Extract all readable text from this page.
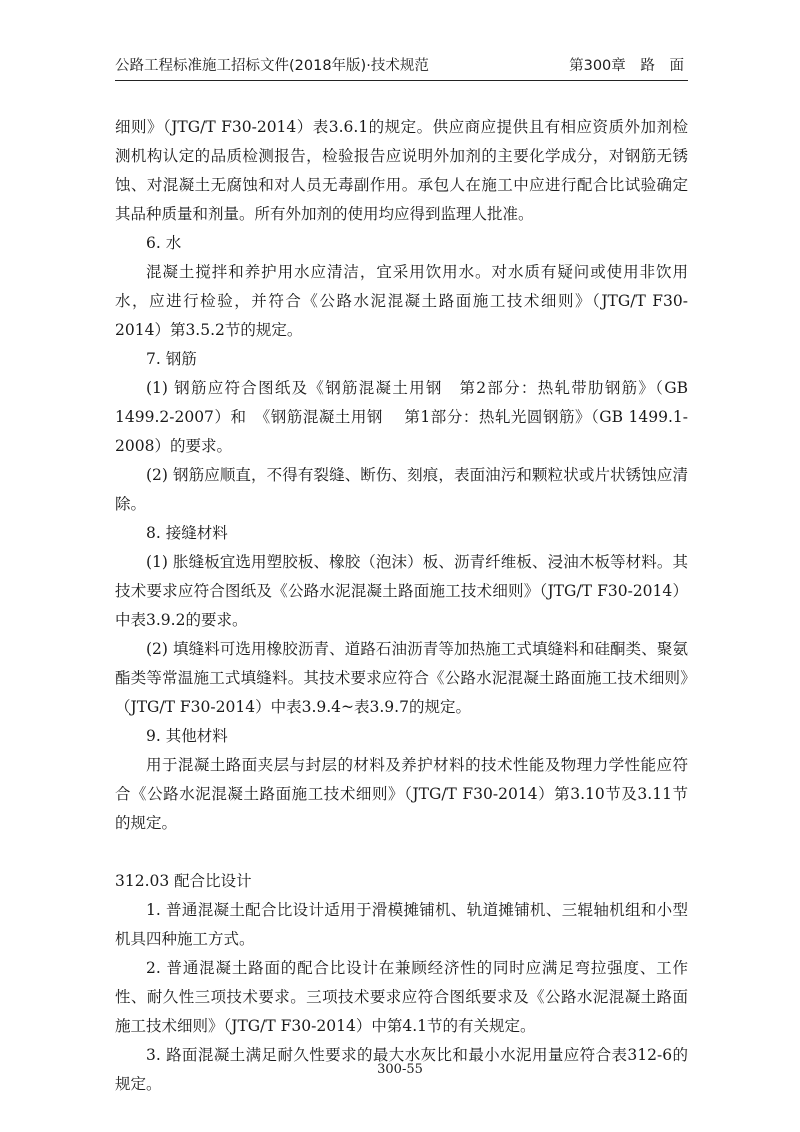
公路工程标准施工招标文件(2018年版)·技术规范	第300章 路 面

细则》（JTG/T F30-2014）表3.6.1的规定。供应商应提供且有相应资质外加剂检测机构认定的品质检测报告，检验报告应说明外加剂的主要化学成分，对钢筋无锈蚀、对混凝土无腐蚀和对人员无毒副作用。承包人在施工中应进行配合比试验确定其品种质量和剂量。所有外加剂的使用均应得到监理人批准。

6. 水

混凝土搅拌和养护用水应清洁，宜采用饮用水。对水质有疑问或使用非饮用水，应进行检验，并符合《公路水泥混凝土路面施工技术细则》（JTG/T F30-2014）第3.5.2节的规定。

7. 钢筋

(1) 钢筋应符合图纸及《钢筋混凝土用钢　第2部分：热轧带肋钢筋》（GB 1499.2-2007）和　《钢筋混凝土用钢　 第1部分：热轧光圆钢筋》（GB 1499.1-2008）的要求。

(2) 钢筋应顺直，不得有裂缝、断伤、刻痕，表面油污和颗粒状或片状锈蚀应清除。

8. 接缝材料

(1) 胀缝板宜选用塑胶板、橡胶（泡沫）板、沥青纤维板、浸油木板等材料。其技术要求应符合图纸及《公路水泥混凝土路面施工技术细则》（JTG/T F30-2014）中表3.9.2的要求。

(2) 填缝料可选用橡胶沥青、道路石油沥青等加热施工式填缝料和硅酮类、聚氨酯类等常温施工式填缝料。其技术要求应符合《公路水泥混凝土路面施工技术细则》（JTG/T F30-2014）中表3.9.4~表3.9.7的规定。

9. 其他材料

用于混凝土路面夹层与封层的材料及养护材料的技术性能及物理力学性能应符合《公路水泥混凝土路面施工技术细则》（JTG/T F30-2014）第3.10节及3.11节的规定。

312.03 配合比设计

1. 普通混凝土配合比设计适用于滑模摊铺机、轨道摊铺机、三辊轴机组和小型机具四种施工方式。

2. 普通混凝土路面的配合比设计在兼顾经济性的同时应满足弯拉强度、工作性、耐久性三项技术要求。三项技术要求应符合图纸要求及《公路水泥混凝土路面施工技术细则》（JTG/T F30-2014）中第4.1节的有关规定。

3. 路面混凝土满足耐久性要求的最大水灰比和最小水泥用量应符合表312-6的规定。

300-55
